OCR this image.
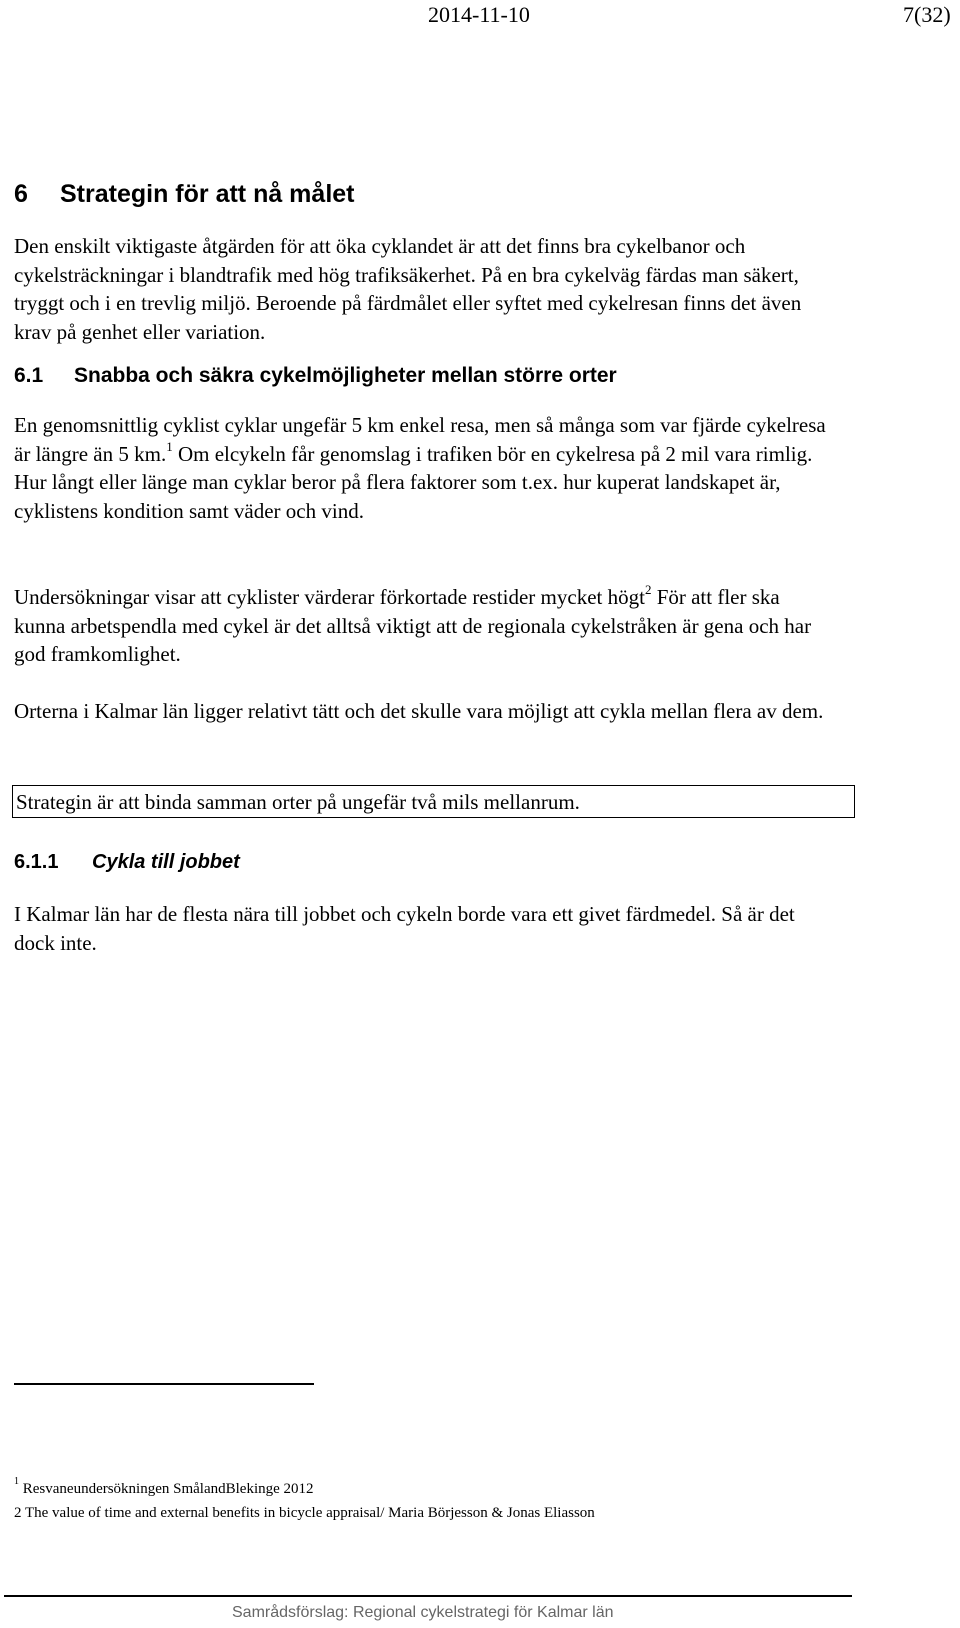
2014-11-10	7(32)
6	Strategin för att nå målet

Den enskilt viktigaste åtgärden för att öka cyklandet är att det finns bra cykelbanor och cykelsträckningar i blandtrafik med hög trafiksäkerhet. På en bra cykelväg färdas man säkert, tryggt och i en trevlig miljö. Beroende på färdmålet eller syftet med cykelresan finns det även krav på genhet eller variation.

6.1	Snabba och säkra cykelmöjligheter mellan större orter

En genomsnittlig cyklist cyklar ungefär 5 km enkel resa, men så många som var fjärde cykelresa är längre än 5 km.$^1$ Om elcykeln får genomslag i trafiken bör en cykelresa på 2 mil vara rimlig. Hur långt eller länge man cyklar beror på flera faktorer som t.ex. hur kuperat landskapet är, cyklistens kondition samt väder och vind.

Undersökningar visar att cyklister värderar förkortade restider mycket högt$^2$ För att fler ska kunna arbetspendla med cykel är det alltså viktigt att de regionala cykelstråken är gena och har god framkomlighet.

Orterna i Kalmar län ligger relativt tätt och det skulle vara möjligt att cykla mellan flera av dem.

Strategin är att binda samman orter på ungefär två mils mellanrum.
6.1.1	Cykla till jobbet

I Kalmar län har de flesta nära till jobbet och cykeln borde vara ett givet färdmedel. Så är det dock inte.

$^1$ Resvaneundersökningen SmålandBlekinge 2012
2 The value of time and external benefits in bicycle appraisal/ Maria Börjesson & Jonas Eliasson
Samrådsförslag: Regional cykelstrategi för Kalmar län
